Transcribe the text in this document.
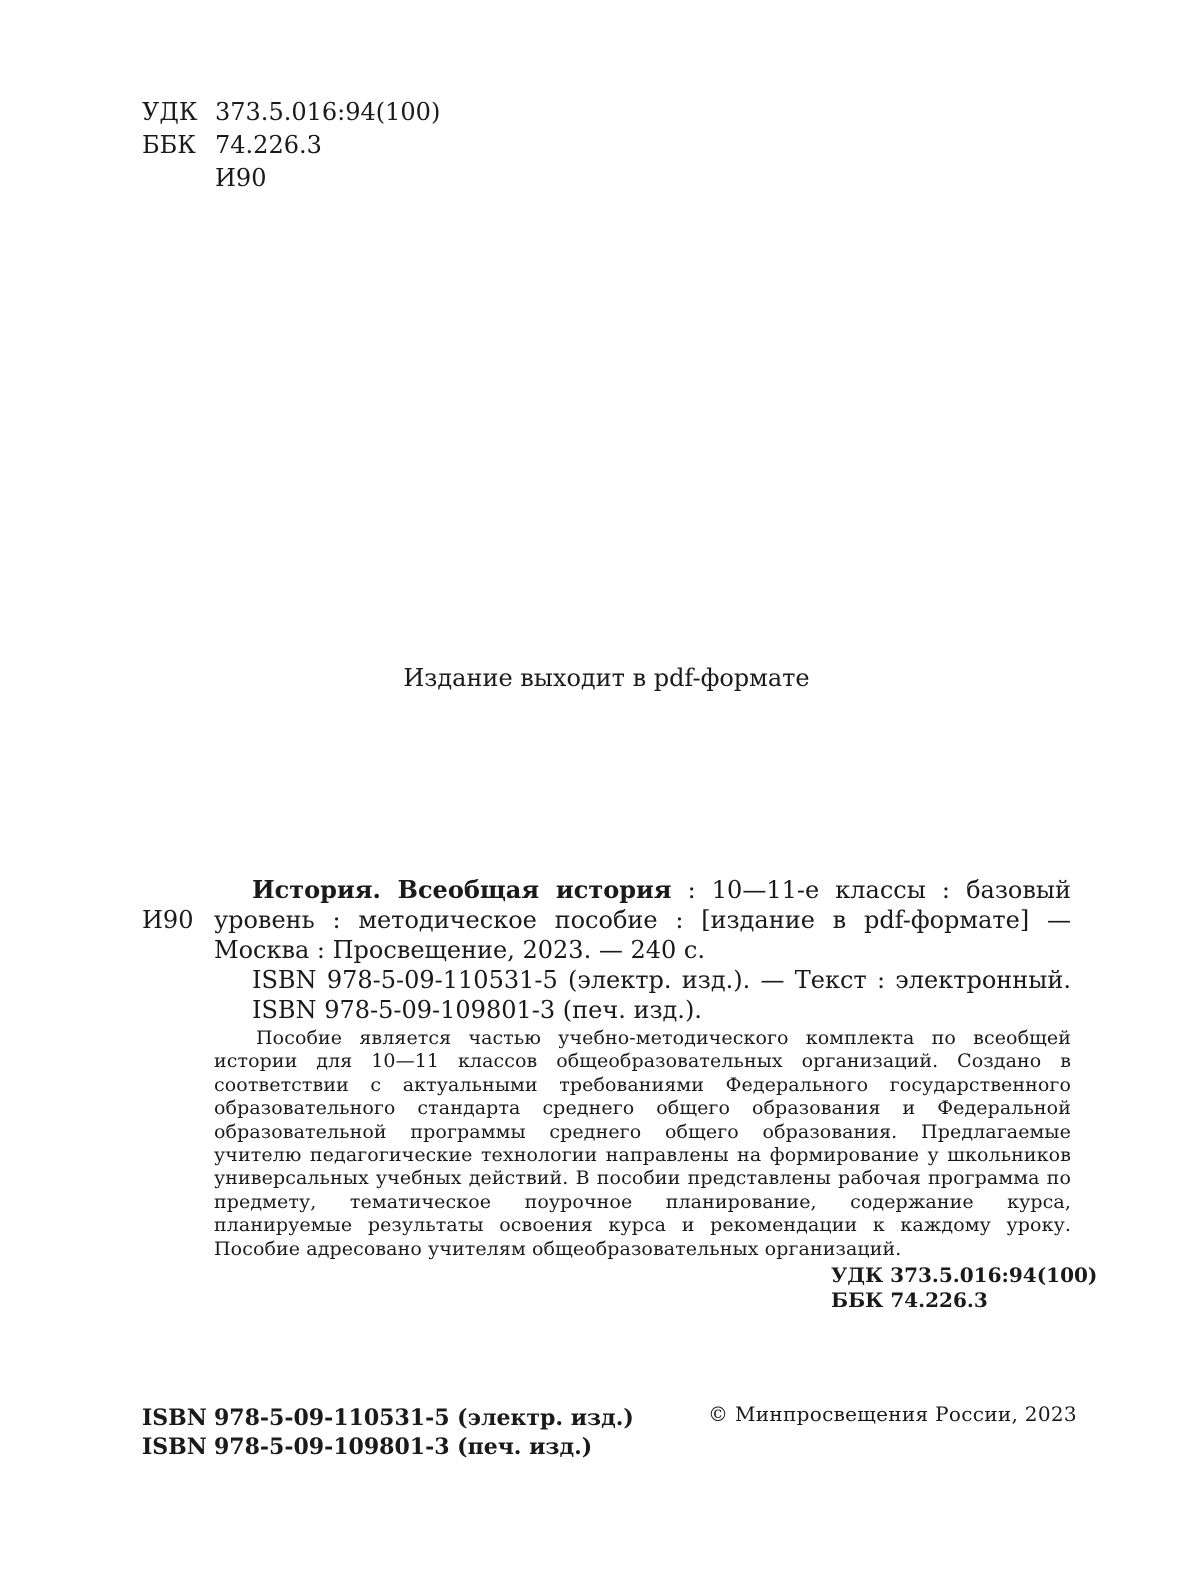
УДК 373.5.016:94(100)
ББК 74.226.3
И90
Издание выходит в pdf-формате
И90
История. Всеобщая история : 10—11-е классы : базовый уровень : методическое пособие : [издание в pdf-формате] — Москва : Просвещение, 2023. — 240 с.
ISBN 978-5-09-110531-5 (электр. изд.). — Текст : электронный.
ISBN 978-5-09-109801-3 (печ. изд.).
Пособие является частью учебно-методического комплекта по всеобщей истории для 10—11 классов общеобразовательных организаций. Создано в соответствии с актуальными требованиями Федерального государственного образовательного стандарта среднего общего образования и Федеральной образовательной программы среднего общего образования. Предлагаемые учителю педагогические технологии направлены на формирование у школьников универсальных учебных действий. В пособии представлены рабочая программа по предмету, тематическое поурочное планирование, содержание курса, планируемые результаты освоения курса и рекомендации к каждому уроку. Пособие адресовано учителям общеобразовательных организаций.
УДК 373.5.016:94(100)
ББК 74.226.3
ISBN 978-5-09-110531-5 (электр. изд.)
ISBN 978-5-09-109801-3 (печ. изд.)
© Минпросвещения России, 2023
